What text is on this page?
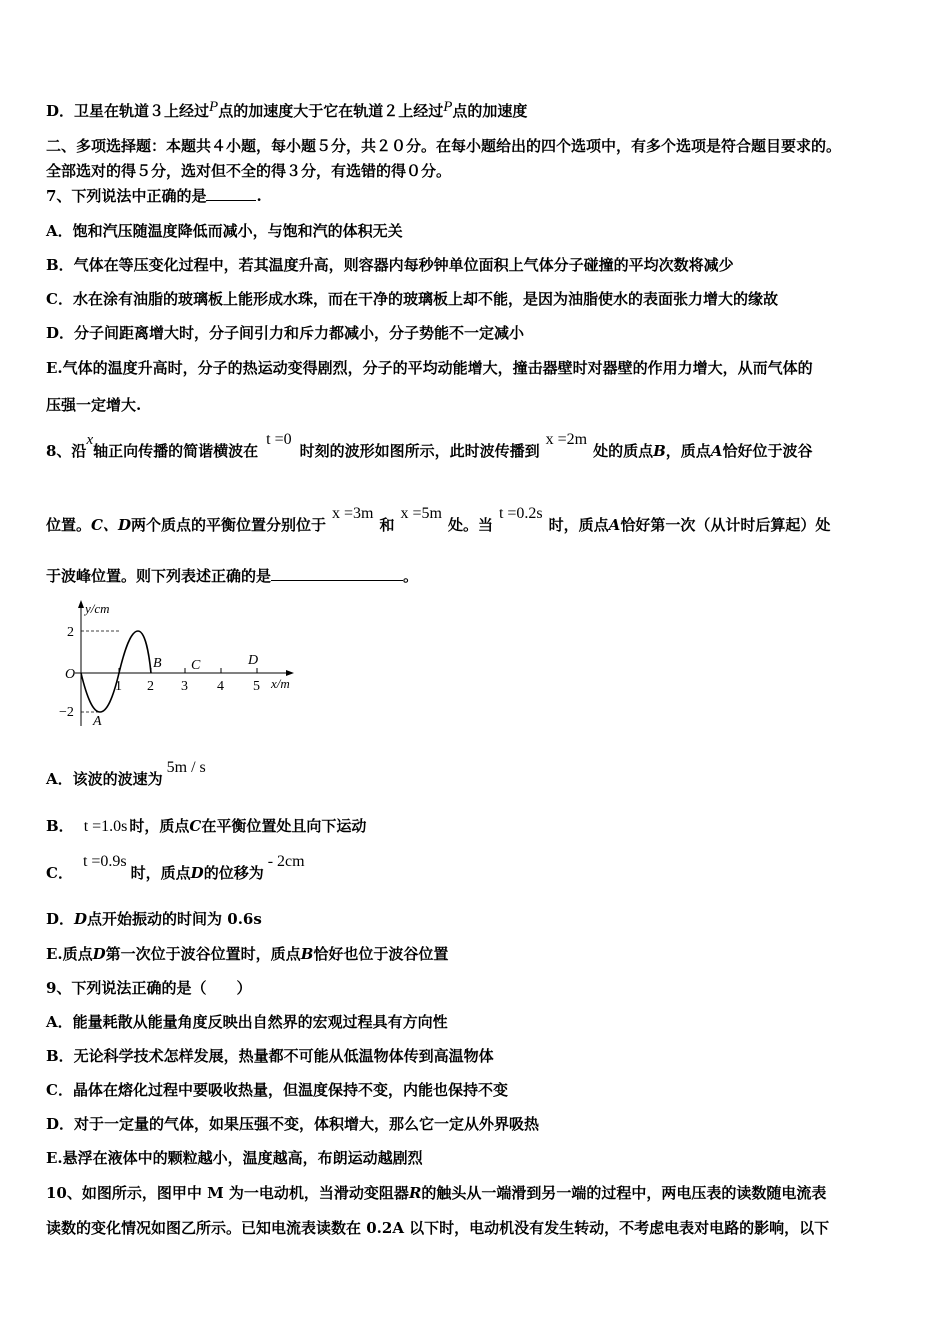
D．卫星在轨道３上经过P点的加速度大于它在轨道２上经过P点的加速度
二、多项选择题：本题共４小题，每小题５分，共２０分。在每小题给出的四个选项中，有多个选项是符合题目要求的。
全部选对的得５分，选对但不全的得３分，有选错的得０分。
7、下列说法中正确的是	.
A．饱和汽压随温度降低而减小，与饱和汽的体积无关
B．气体在等压变化过程中，若其温度升高，则容器内每秒钟单位面积上气体分子碰撞的平均次数将减少
C．水在涂有油脂的玻璃板上能形成水珠，而在干净的玻璃板上却不能，是因为油脂使水的表面张力增大的缘故
D．分子间距离增大时，分子间引力和斥力都减小，分子势能不一定减小
E.气体的温度升高时，分子的热运动变得剧烈，分子的平均动能增大，撞击器壁时对器壁的作用力增大，从而气体的
压强一定增大.
8、沿x轴正向传播的简谐横波在t =0时刻的波形如图所示，此时波传播到x =2m处的质点B，质点A恰好位于波谷
位置。C、D两个质点的平衡位置分别位于x =3m和x =5m处。当t =0.2s时，质点A恰好第一次（从计时后算起）处
于波峰位置。则下列表述正确的是	。
y/cm
2
O
−2
1 2 3 4 5 x/m
A
B C	D
A．该波的波速为5m / s
B． t =1.0s 时，质点C在平衡位置处且向下运动
C．t =0.9s时，质点D的位移为- 2cm
D．D点开始振动的时间为 0.6s
E.质点D第一次位于波谷位置时，质点B恰好也位于波谷位置
9、下列说法正确的是（　　）
A．能量耗散从能量角度反映出自然界的宏观过程具有方向性
B．无论科学技术怎样发展，热量都不可能从低温物体传到高温物体
C．晶体在熔化过程中要吸收热量，但温度保持不变，内能也保持不变
D．对于一定量的气体，如果压强不变，体积增大，那么它一定从外界吸热
E.悬浮在液体中的颗粒越小，温度越高，布朗运动越剧烈
10、如图所示，图甲中 M 为一电动机，当滑动变阻器R的触头从一端滑到另一端的过程中，两电压表的读数随电流表
读数的变化情况如图乙所示。已知电流表读数在 0.2A 以下时，电动机没有发生转动，不考虑电表对电路的影响，以下
